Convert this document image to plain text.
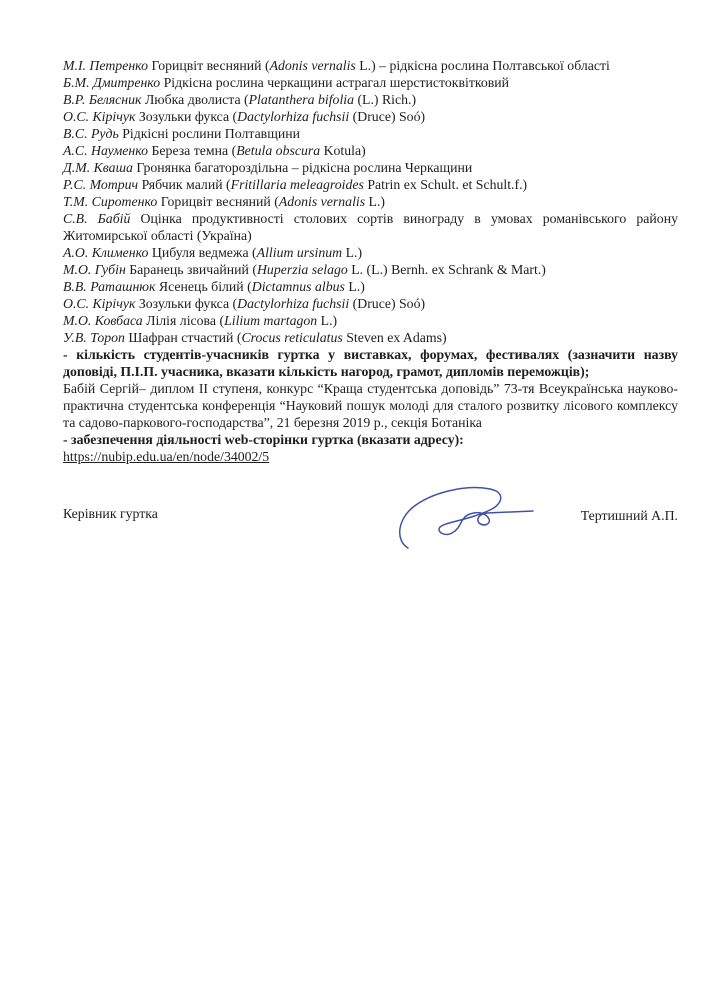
М.І. Петренко Горицвіт весняний (Adonis vernalis L.) – рідкісна рослина Полтавської області
Б.М. Дмитренко Рідкісна рослина черкащини астрагал шерстистоквітковий
В.Р. Белясник Любка дволиста (Platanthera bifolia (L.) Rich.)
О.С. Кірічук Зозульки фукса (Dactylorhiza fuchsii (Druce) Soó)
В.С. Рудь Рідкісні рослини Полтавщини
А.С. Науменко Береза темна (Betula obscura Kotula)
Д.М. Кваша Гронянка багатороздільна – рідкісна рослина Черкащини
Р.С. Мотрич Рябчик малий (Fritillaria meleagroides Patrin ex Schult. et Schult.f.)
Т.М. Сиротенко Горицвіт весняний (Adonis vernalis L.)
С.В. Бабій Оцінка продуктивності столових сортів винограду в умовах романівського району Житомирської області (Україна)
А.О. Клименко Цибуля ведмежа (Allium ursinum L.)
М.О. Губін Баранець звичайний (Huperzia selago L. (L.) Bernh. ex Schrank & Mart.)
В.В. Раташнюк Ясенець білий (Dictamnus albus L.)
О.С. Кірічук Зозульки фукса (Dactylorhiza fuchsii (Druce) Soó)
М.О. Ковбаса Лілія лісова (Lilium martagon L.)
У.В. Тороп Шафран стчастий (Crocus reticulatus Steven ex Adams)

- кількість студентів-учасників гуртка у виставках, форумах, фестивалях (зазначити назву доповіді, П.І.П. учасника, вказати кількість нагород, грамот, дипломів переможців);

Бабій Сергій– диплом II ступеня, конкурс “Краща студентська доповідь” 73-тя Всеукраїнська науково-практична студентська конференція “Науковий пошук молоді для сталого розвитку лісового комплексу та садово-паркового-господарства”, 21 березня 2019 р., секція Ботаніка

- забезпечення діяльності web-сторінки гуртка (вказати адресу):

https://nubip.edu.ua/en/node/34002/5

Керівник гуртка	Тертишний А.П.
